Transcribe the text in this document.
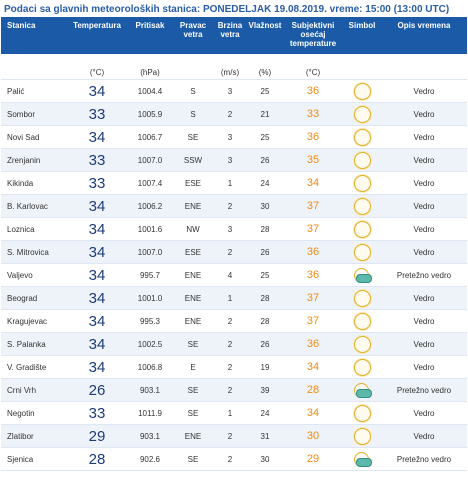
Podaci sa glavnih meteoroloških stanica: PONEDELJAK 19.08.2019. vreme: 15:00 (13:00 UTC)
Stanica	Temperatura	Pritisak	Pravac vetra	Brzina vetra	Vlažnost	Subjektivni osećaj temperature	Simbol	Opis vremena
	(°C)	(hPa)		(m/s)	(%)	(°C)		
Palić	34	1004.4	S	3	25	36		Vedro
Sombor	33	1005.9	S	2	21	33		Vedro
Novi Sad	34	1006.7	SE	3	25	36		Vedro
Zrenjanin	33	1007.0	SSW	3	26	35		Vedro
Kikinda	33	1007.4	ESE	1	24	34		Vedro
B. Karlovac	34	1006.2	ENE	2	30	37		Vedro
Loznica	34	1001.6	NW	3	28	37		Vedro
S. Mitrovica	34	1007.0	ESE	2	26	36		Vedro
Valjevo	34	995.7	ENE	4	25	36		Pretežno vedro
Beograd	34	1001.0	ENE	1	28	37		Vedro
Kragujevac	34	995.3	ENE	2	28	37		Vedro
S. Palanka	34	1002.5	SE	2	26	36		Vedro
V. Gradište	34	1006.8	E	2	19	34		Vedro
Crni Vrh	26	903.1	SE	2	39	28		Pretežno vedro
Negotin	33	1011.9	SE	1	24	34		Vedro
Zlatibor	29	903.1	ENE	2	31	30		Vedro
Sjenica	28	902.6	SE	2	30	29		Pretežno vedro
